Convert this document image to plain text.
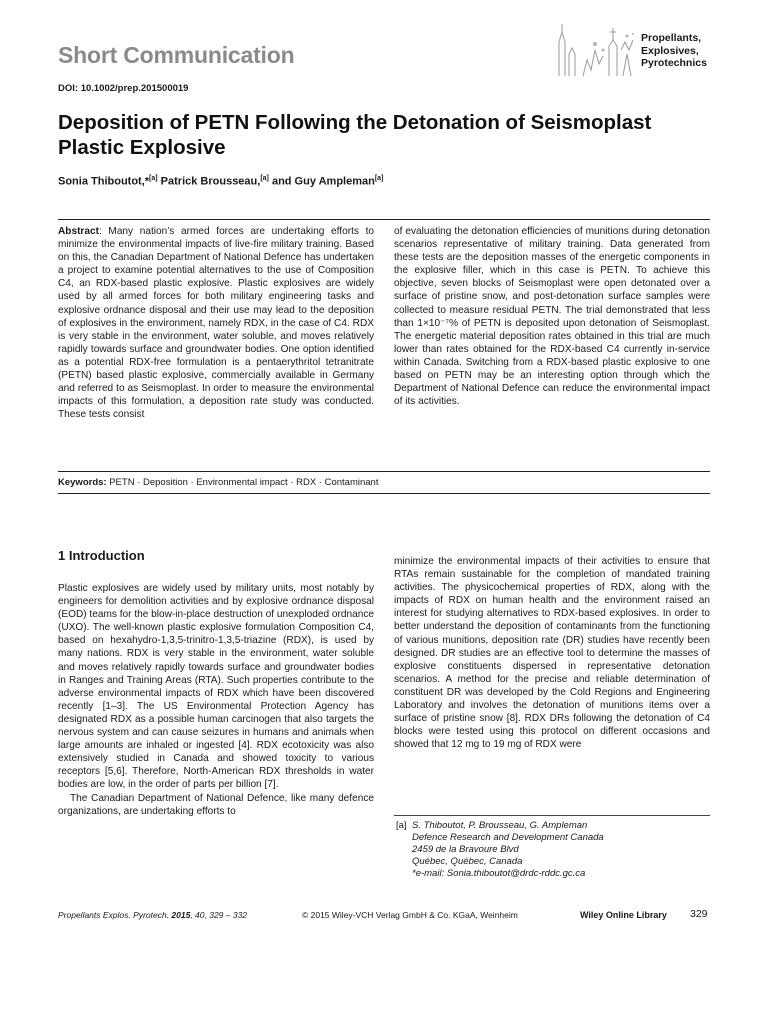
Short Communication
Propellants,
Explosives,
Pyrotechnics
DOI: 10.1002/prep.201500019
Deposition of PETN Following the Detonation of Seismoplast Plastic Explosive
Sonia Thiboutot,*[a] Patrick Brousseau,[a] and Guy Ampleman[a]

Abstract: Many nation’s armed forces are undertaking efforts to minimize the environmental impacts of live-fire military training. Based on this, the Canadian Department of National Defence has undertaken a project to examine potential alternatives to the use of Composition C4, an RDX-based plastic explosive. Plastic explosives are widely used by all armed forces for both military engineering tasks and explosive ordnance disposal and their use may lead to the deposition of explosives in the environment, namely RDX, in the case of C4. RDX is very stable in the environment, water soluble, and moves relatively rapidly towards surface and groundwater bodies. One option identified as a potential RDX-free formulation is a pentaerythritol tetranitrate (PETN) based plastic explosive, commercially available in Germany and referred to as Seismoplast. In order to measure the environmental impacts of this formulation, a deposition rate study was conducted. These tests consist

of evaluating the detonation efficiencies of munitions during detonation scenarios representative of military training. Data generated from these tests are the deposition masses of the energetic components in the explosive filler, which in this case is PETN. To achieve this objective, seven blocks of Seismoplast were open detonated over a surface of pristine snow, and post-detonation surface samples were collected to measure residual PETN. The trial demonstrated that less than 1×10⁻⁷% of PETN is deposited upon detonation of Seismoplast. The energetic material deposition rates obtained in this trial are much lower than rates obtained for the RDX-based C4 currently in-service within Canada. Switching from a RDX-based plastic explosive to one based on PETN may be an interesting option through which the Department of National Defence can reduce the environmental impact of its activities.

Keywords: PETN · Deposition · Environmental impact · RDX · Contaminant
1 Introduction

Plastic explosives are widely used by military units, most notably by engineers for demolition activities and by explosive ordnance disposal (EOD) teams for the blow-in-place destruction of unexploded ordnance (UXO). The well-known plastic explosive formulation Composition C4, based on hexahydro-1,3,5-trinitro-1,3,5-triazine (RDX), is used by many nations. RDX is very stable in the environment, water soluble and moves relatively rapidly towards surface and groundwater bodies in Ranges and Training Areas (RTA). Such properties contribute to the adverse environmental impacts of RDX which have been discovered recently [1–3]. The US Environmental Protection Agency has designated RDX as a possible human carcinogen that also targets the nervous system and can cause seizures in humans and animals when large amounts are inhaled or ingested [4]. RDX ecotoxicity was also extensively studied in Canada and showed toxicity to various receptors [5,6]. Therefore, North-American RDX thresholds in water bodies are low, in the order of parts per billion [7].

The Canadian Department of National Defence, like many defence organizations, are undertaking efforts to

minimize the environmental impacts of their activities to ensure that RTAs remain sustainable for the completion of mandated training activities. The physicochemical properties of RDX, along with the impacts of RDX on human health and the environment raised an interest for studying alternatives to RDX-based explosives. In order to better understand the deposition of contaminants from the functioning of various munitions, deposition rate (DR) studies have recently been designed. DR studies are an effective tool to determine the masses of explosive constituents dispersed in representative detonation scenarios. A method for the precise and reliable determination of constituent DR was developed by the Cold Regions and Engineering Laboratory and involves the detonation of munitions items over a surface of pristine snow [8]. RDX DRs following the detonation of C4 blocks were tested using this protocol on different occasions and showed that 12 mg to 19 mg of RDX were

[a] S. Thiboutot, P. Brousseau, G. Ampleman
Defence Research and Development Canada
2459 de la Bravoure Blvd
Québec, Québec, Canada
*e-mail: Sonia.thiboutot@drdc-rddc.gc.ca
Propellants Explos. Pyrotech. 2015, 40, 329 – 332	© 2015 Wiley-VCH Verlag GmbH & Co. KGaA, Weinheim	Wiley Online Library 329
